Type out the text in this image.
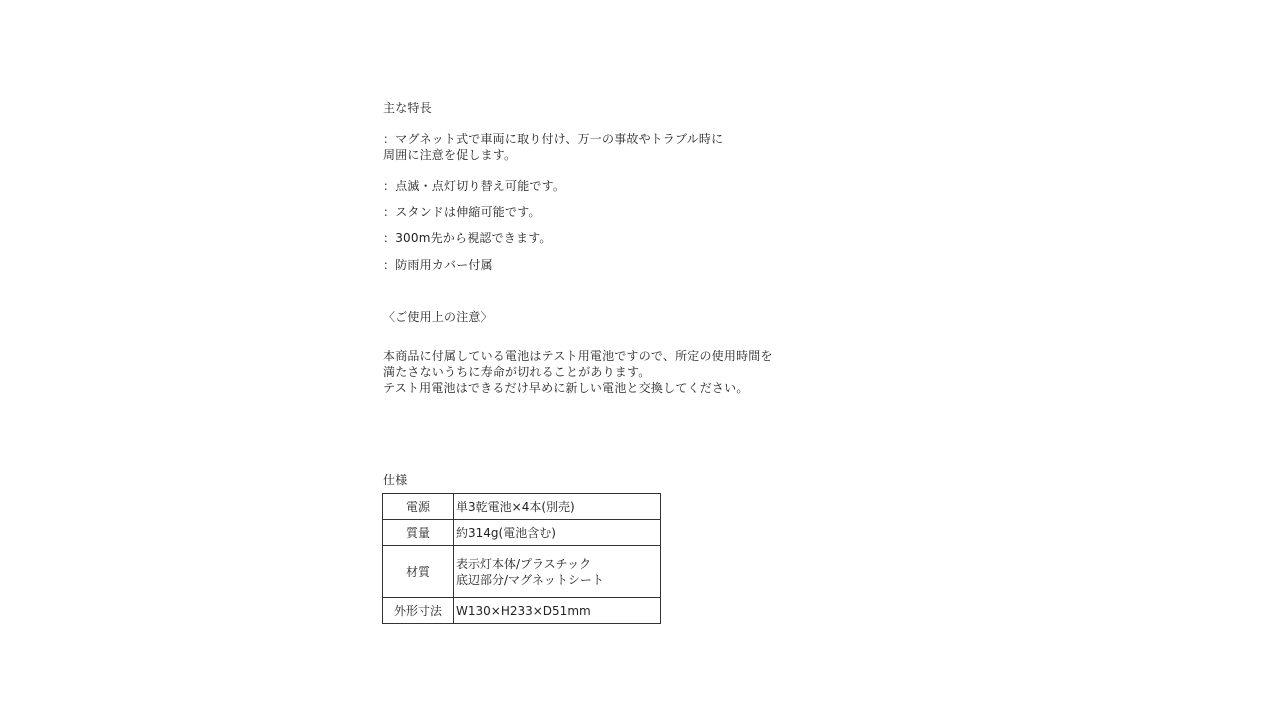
主な特長
：マグネット式で車両に取り付け、万一の事故やトラブル時に
周囲に注意を促します。
：点滅・点灯切り替え可能です。
：スタンドは伸縮可能です。
：300m先から視認できます。
：防雨用カバー付属
〈ご使用上の注意〉
本商品に付属している電池はテスト用電池ですので、所定の使用時間を
満たさないうちに寿命が切れることがあります。
テスト用電池はできるだけ早めに新しい電池と交換してください。
仕様
電源	単3乾電池×4本(別売)
質量	約314g(電池含む)
材質	表示灯本体/プラスチック
底辺部分/マグネットシート

外形寸法	W130×H233×D51mm
